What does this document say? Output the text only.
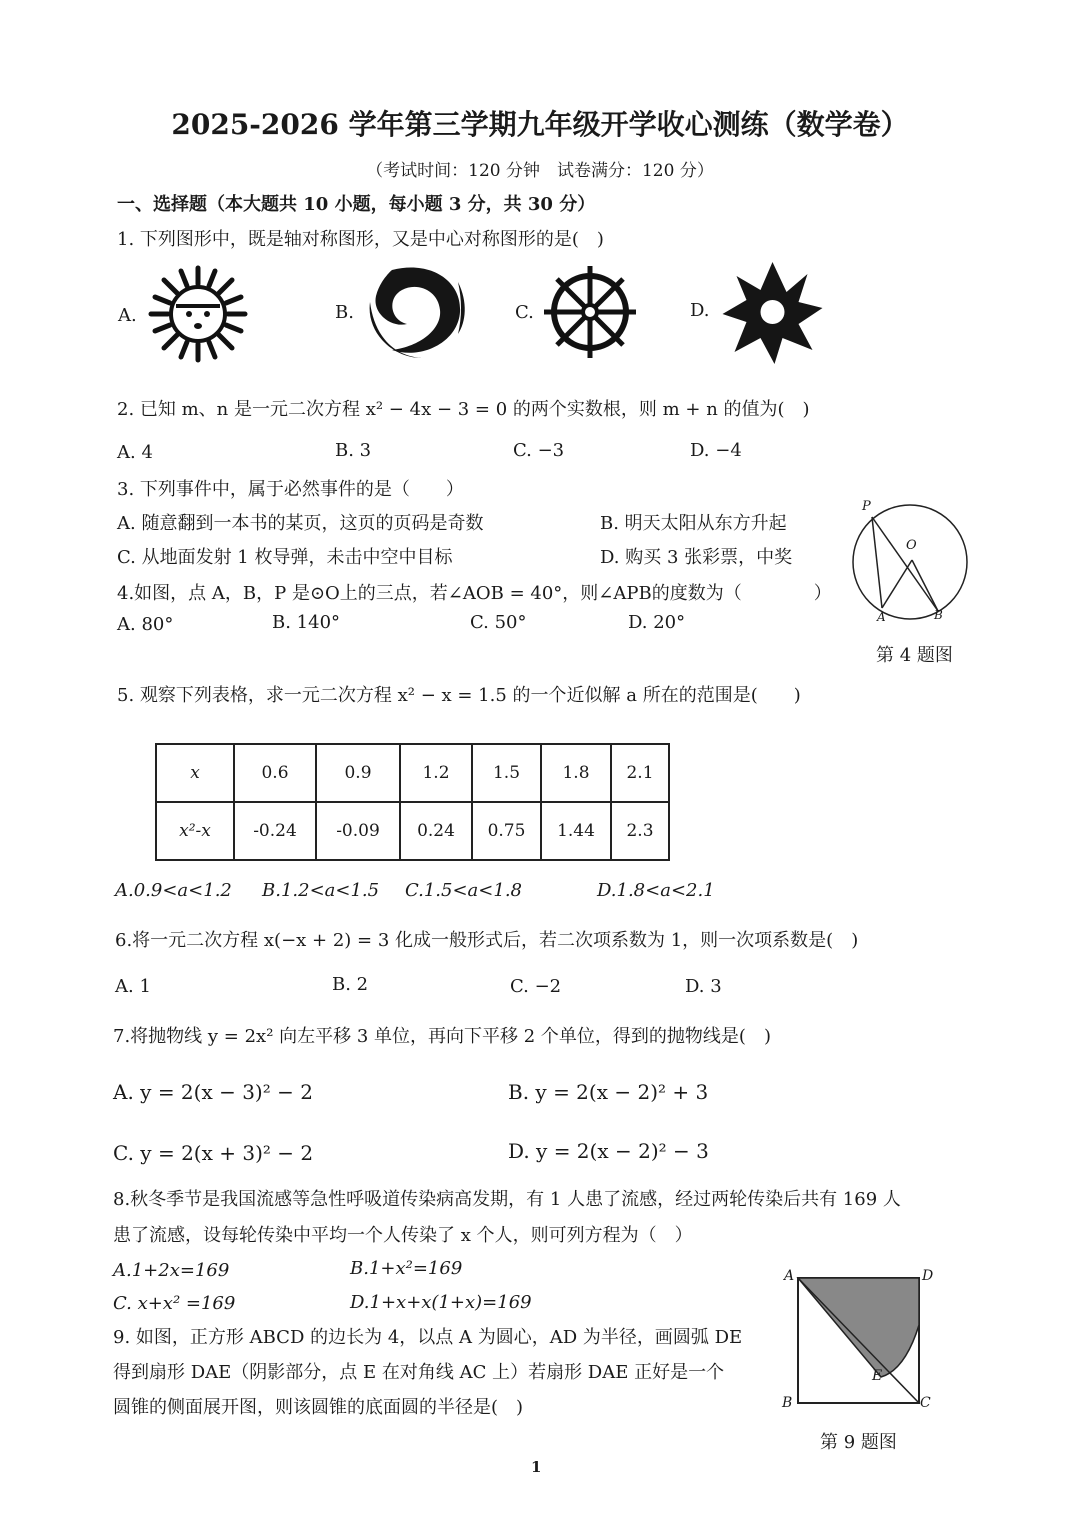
2025-2026 学年第三学期九年级开学收心测练（数学卷）
（考试时间：120 分钟　试卷满分：120 分）
一、选择题（本大题共 10 小题，每小题 3 分，共 30 分）
1. 下列图形中，既是轴对称图形，又是中心对称图形的是(　)
A.	B.	C.	D.
2. 已知 m、n 是一元二次方程 x² − 4x − 3 = 0 的两个实数根，则 m + n 的值为(　)
A. 4	B. 3	C. −3	D. −4
3. 下列事件中，属于必然事件的是（　　）
A. 随意翻到一本书的某页，这页的页码是奇数	B. 明天太阳从东方升起
C. 从地面发射 1 枚导弹，未击中空中目标	D. 购买 3 张彩票，中奖
4.如图，点 A，B，P 是⊙O上的三点，若∠AOB = 40°，则∠APB的度数为（　　　　）
A. 80°	B. 140°	C. 50°	D. 20°
P
O
A	B
第 4 题图
5. 观察下列表格，求一元二次方程 x² − x = 1.5 的一个近似解 a 所在的范围是(　　)
x	0.6	0.9	1.2	1.5	1.8	2.1
x²-x	-0.24	-0.09	0.24	0.75	1.44	2.3
A.0.9<a<1.2 B.1.2<a<1.5 C.1.5<a<1.8	D.1.8<a<2.1
6.将一元二次方程 x(−x + 2) = 3 化成一般形式后，若二次项系数为 1，则一次项系数是(　)
A. 1	B. 2	C. −2	D. 3
7.将抛物线 y = 2x² 向左平移 3 单位，再向下平移 2 个单位，得到的抛物线是(　)
A. y = 2(x − 3)² − 2	B. y = 2(x − 2)² + 3
C. y = 2(x + 3)² − 2	D. y = 2(x − 2)² − 3
8.秋冬季节是我国流感等急性呼吸道传染病高发期，有 1 人患了流感，经过两轮传染后共有 169 人
患了流感，设每轮传染中平均一个人传染了 x 个人，则可列方程为（　）
A.1+2x=169	B.1+x²=169
C. x+x² =169	D.1+x+x(1+x)=169
9. 如图，正方形 ABCD 的边长为 4，以点 A 为圆心，AD 为半径，画圆弧 DE
得到扇形 DAE（阴影部分，点 E 在对角线 AC 上）若扇形 DAE 正好是一个
圆锥的侧面展开图，则该圆锥的底面圆的半径是(　)
A	D
E
B	C
第 9 题图
1
